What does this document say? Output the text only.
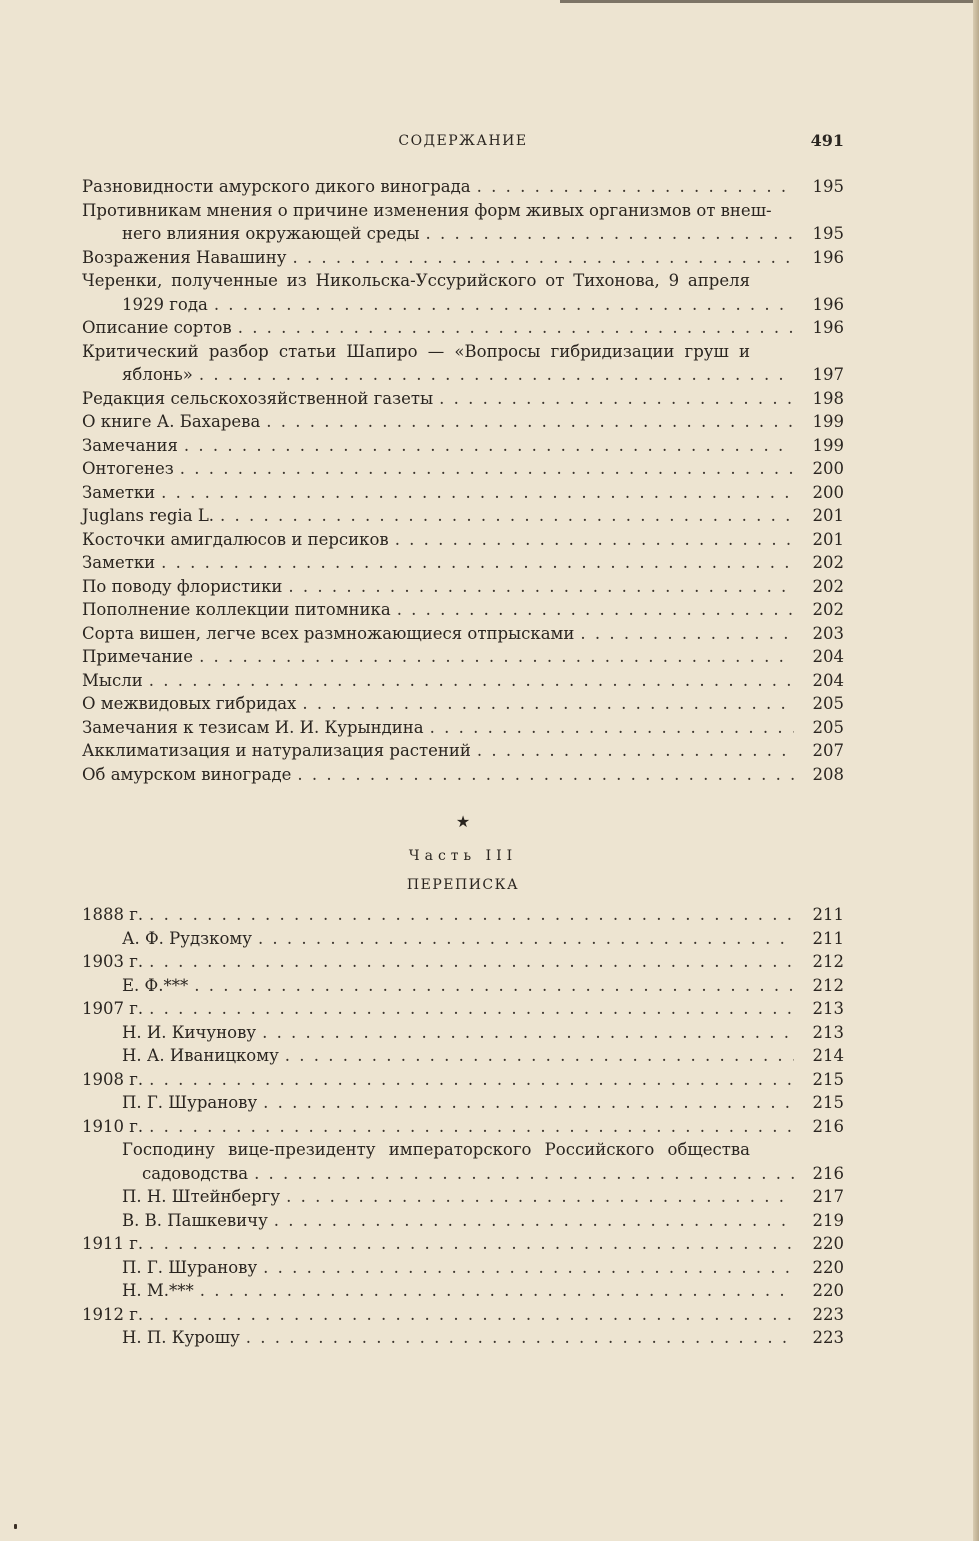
СОДЕРЖАНИЕ	491
Разновидности амурского дикого винограда . . .	195
Противникам мнения о причине изменения форм живых организмов от внеш-
него влияния окружающей среды . . .	195
Возражения Навашину . . .	196
Черенки, полученные из Никольска-Уссурийского от Тихонова, 9 апреля
1929 года . . .	196
Описание сортов . . .	196
Критический разбор статьи Шапиро — «Вопросы гибридизации груш и
яблонь» . . .	197
Редакция сельскохозяйственной газеты . . .	198
О книге А. Бахарева . . .	199
Замечания . . .	199
Онтогенез . . .	200
Заметки . . .	200
Juglans regia L. . . .	201
Косточки амигдалюсов и персиков . . .	201
Заметки . . .	202
По поводу флористики . . .	202
Пополнение коллекции питомника . . .	202
Сорта вишен, легче всех размножающиеся отпрысками . . .	203
Примечание . . .	204
Мысли . . .	204
О межвидовых гибридах . . .	205
Замечания к тезисам И. И. Курындина . . .	205
Акклиматизация и натурализация растений . . .	207
Об амурском винограде . . .	208
★
Часть III
ПЕРЕПИСКА
1888 г. . . .	211
А. Ф. Рудзкому . . .	211
1903 г. . . .	212
Е. Ф.*** . . .	212
1907 г. . . .	213
Н. И. Кичунову . . .	213
Н. А. Иваницкому . . .	214
1908 г. . . .	215
П. Г. Шуранову . . .	215
1910 г. . . .	216
Господину вице-президенту императорского Российского общества
садоводства . . .	216
П. Н. Штейнбергу . . .	217
В. В. Пашкевичу . . .	219
1911 г. . . .	220
П. Г. Шуранову . . .	220
Н. М.*** . . .	220
1912 г. . . .	223
Н. П. Курошу . . .	223
